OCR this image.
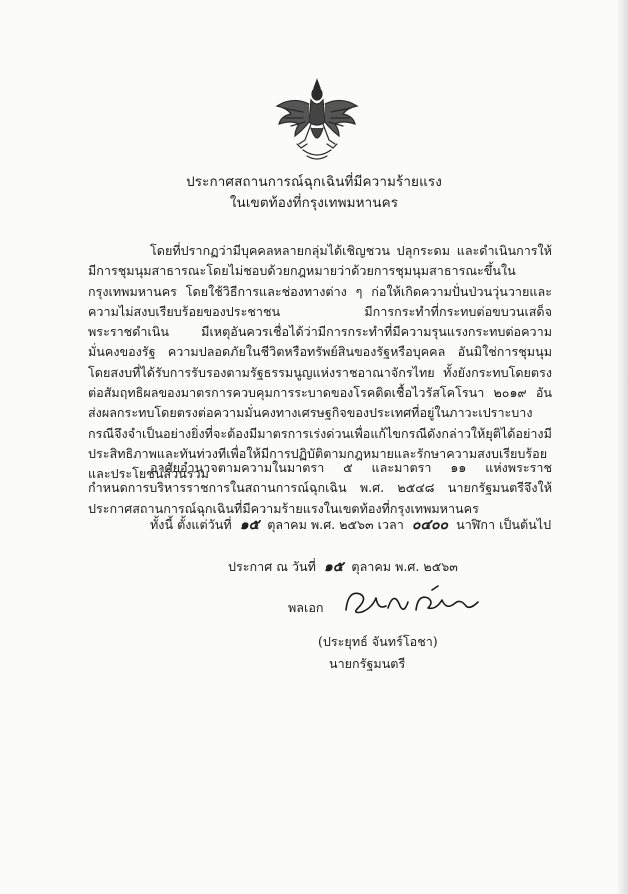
ประกาศสถานการณ์ฉุกเฉินที่มีความร้ายแรง
ในเขตท้องที่กรุงเทพมหานคร

โดยที่ปรากฏว่ามีบุคคลหลายกลุ่มได้เชิญชวน ปลุกระดม และดำเนินการให้มีการชุมนุมสาธารณะโดยไม่ชอบด้วยกฎหมายว่าด้วยการชุมนุมสาธารณะขึ้นในกรุงเทพมหานคร โดยใช้วิธีการและช่องทางต่าง ๆ ก่อให้เกิดความปั่นป่วนวุ่นวายและความไม่สงบเรียบร้อยของประชาชน มีการกระทำที่กระทบต่อขบวนเสด็จพระราชดำเนิน มีเหตุอันควรเชื่อได้ว่ามีการกระทำที่มีความรุนแรงกระทบต่อความมั่นคงของรัฐ ความปลอดภัยในชีวิตหรือทรัพย์สินของรัฐหรือบุคคล อันมิใช่การชุมนุมโดยสงบที่ได้รับการรับรองตามรัฐธรรมนูญแห่งราชอาณาจักรไทย ทั้งยังกระทบโดยตรงต่อสัมฤทธิผลของมาตรการควบคุมการระบาดของโรคติดเชื้อไวรัสโคโรนา ๒๐๑๙ อันส่งผลกระทบโดยตรงต่อความมั่นคงทางเศรษฐกิจของประเทศที่อยู่ในภาวะเปราะบาง กรณีจึงจำเป็นอย่างยิ่งที่จะต้องมีมาตรการเร่งด่วนเพื่อแก้ไขกรณีดังกล่าวให้ยุติได้อย่างมีประสิทธิภาพและทันท่วงทีเพื่อให้มีการปฏิบัติตามกฎหมายและรักษาความสงบเรียบร้อยและประโยชน์ส่วนรวม

อาศัยอำนาจตามความในมาตรา ๕ และมาตรา ๑๑ แห่งพระราชกำหนดการบริหารราชการในสถานการณ์ฉุกเฉิน พ.ศ. ๒๕๔๘ นายกรัฐมนตรีจึงให้ประกาศสถานการณ์ฉุกเฉินที่มีความร้ายแรงในเขตท้องที่กรุงเทพมหานคร

ทั้งนี้ ตั้งแต่วันที่ ๑๕ ตุลาคม พ.ศ. ๒๕๖๓ เวลา ๐๔๐๐ นาฬิกา เป็นต้นไป
ประกาศ ณ วันที่ ๑๕ ตุลาคม พ.ศ. ๒๕๖๓
พลเอก
(ประยุทธ์ จันทร์โอชา)
นายกรัฐมนตรี
